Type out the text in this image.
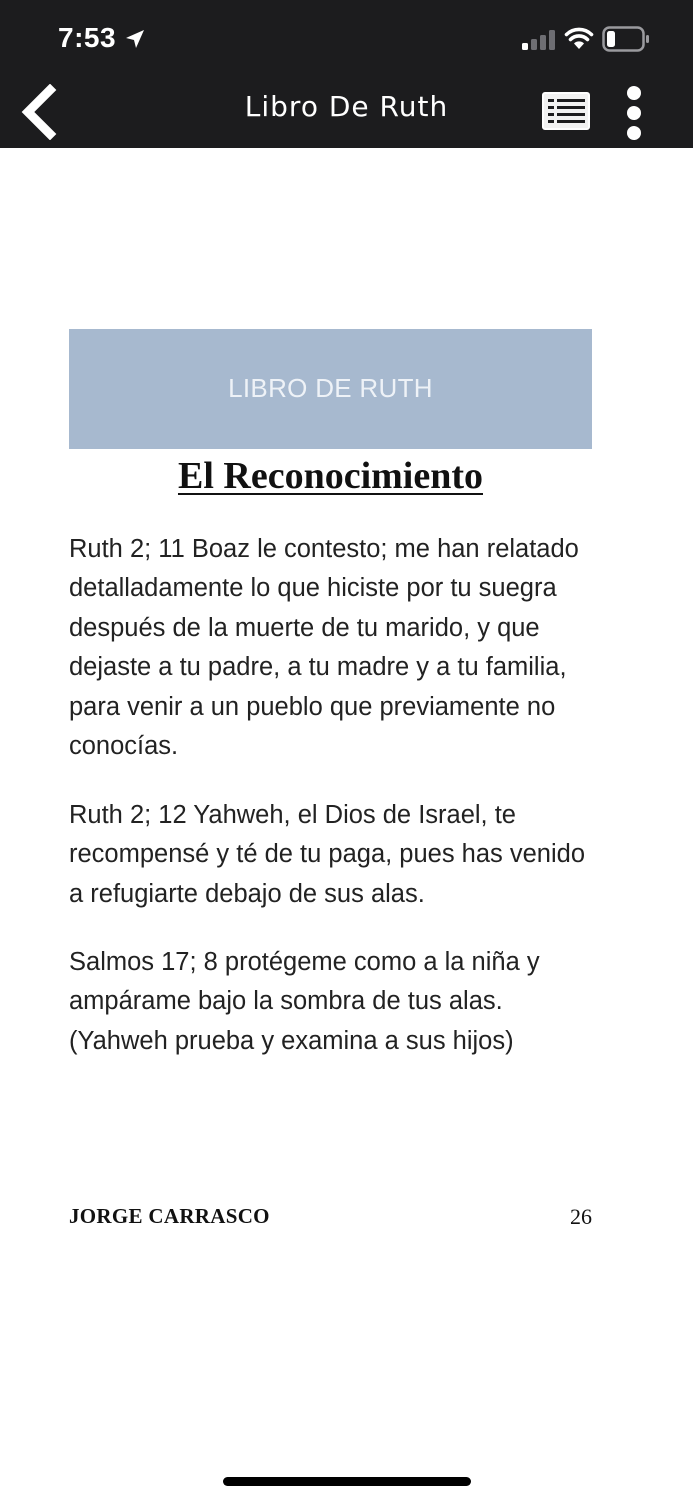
7:53
Libro De Ruth
LIBRO DE RUTH
El Reconocimiento

Ruth 2; 11 Boaz le contesto; me han relatado detalladamente lo que hiciste por tu suegra después de la muerte de tu marido, y que dejaste a tu padre, a tu madre y a tu familia, para venir a un pueblo que previamente no conocías.

Ruth 2; 12 Yahweh, el Dios de Israel, te recompensé y té de tu paga, pues has venido a refugiarte debajo de sus alas.

Salmos 17; 8 protégeme como a la niña y ampárame bajo la sombra de tus alas. (Yahweh prueba y examina a sus hijos)

JORGE CARRASCO	26
